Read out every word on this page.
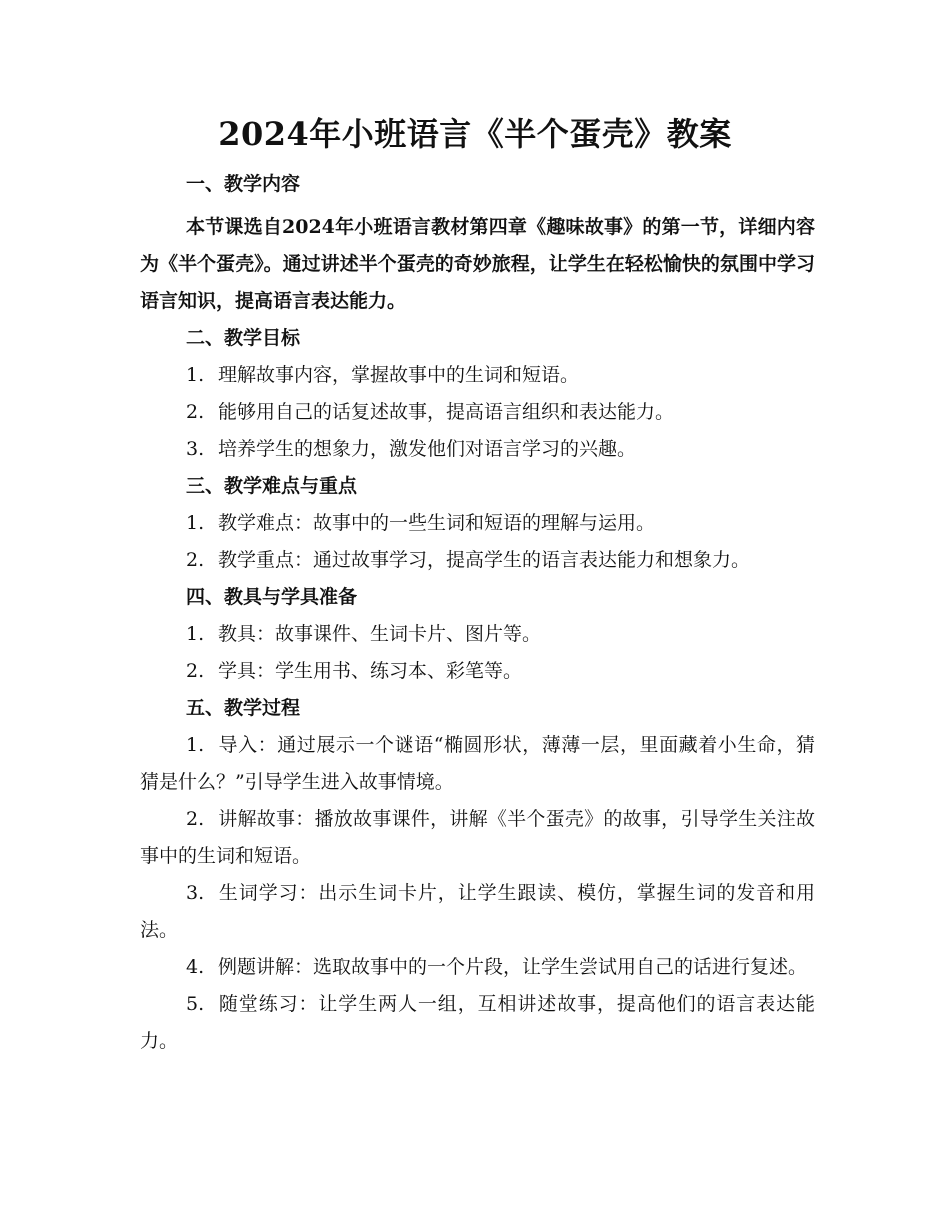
2024年小班语言《半个蛋壳》教案

一、教学内容

本节课选自2024年小班语言教材第四章《趣味故事》的第一节，详细内容为《半个蛋壳》。通过讲述半个蛋壳的奇妙旅程，让学生在轻松愉快的氛围中学习语言知识，提高语言表达能力。

二、教学目标

1. 理解故事内容，掌握故事中的生词和短语。

2. 能够用自己的话复述故事，提高语言组织和表达能力。

3. 培养学生的想象力，激发他们对语言学习的兴趣。

三、教学难点与重点

1. 教学难点：故事中的一些生词和短语的理解与运用。

2. 教学重点：通过故事学习，提高学生的语言表达能力和想象力。

四、教具与学具准备

1. 教具：故事课件、生词卡片、图片等。

2. 学具：学生用书、练习本、彩笔等。

五、教学过程

1. 导入：通过展示一个谜语“椭圆形状，薄薄一层，里面藏着小生命，猜猜是什么？”引导学生进入故事情境。

2. 讲解故事：播放故事课件，讲解《半个蛋壳》的故事，引导学生关注故事中的生词和短语。

3. 生词学习：出示生词卡片，让学生跟读、模仿，掌握生词的发音和用法。

4. 例题讲解：选取故事中的一个片段，让学生尝试用自己的话进行复述。

5. 随堂练习：让学生两人一组，互相讲述故事，提高他们的语言表达能力。
